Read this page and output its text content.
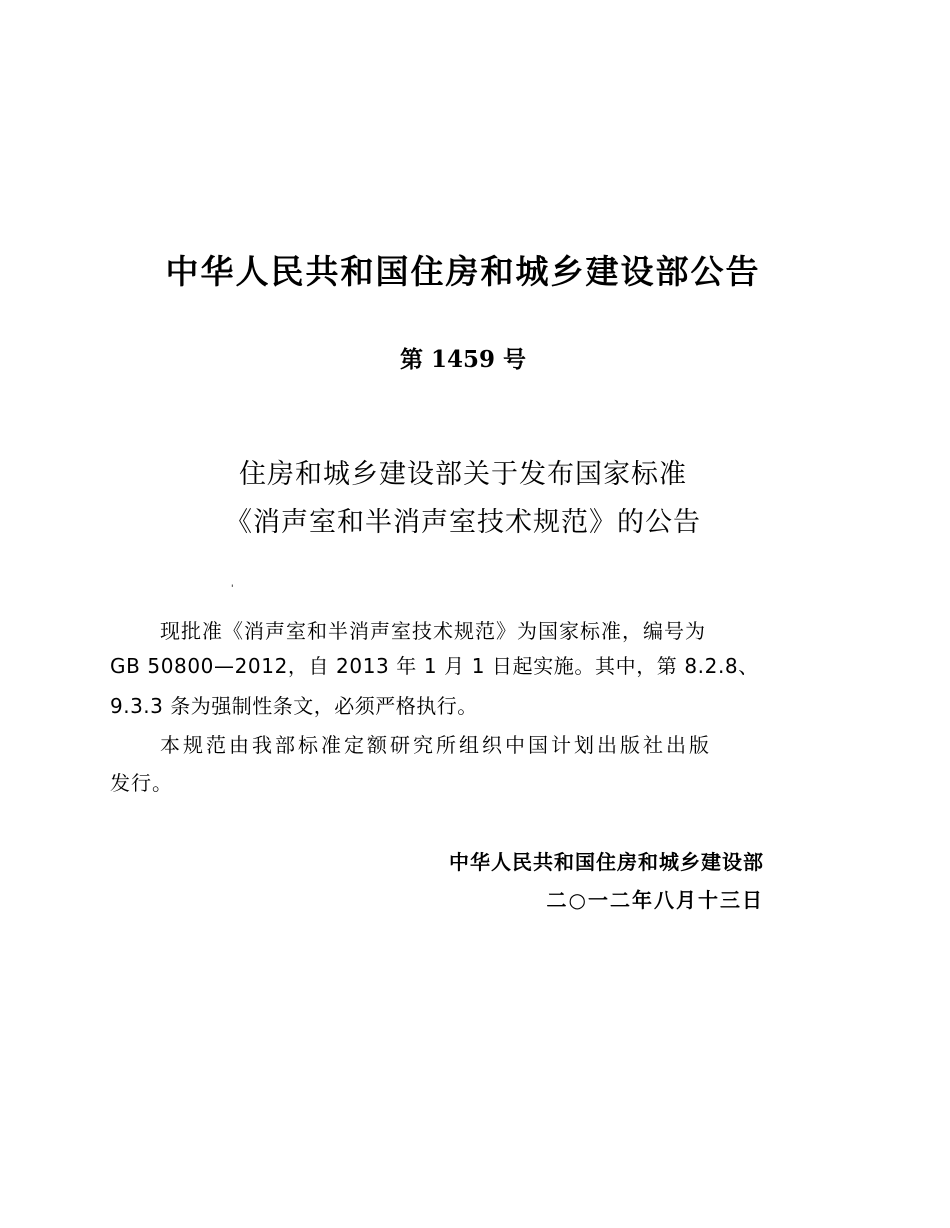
中华人民共和国住房和城乡建设部公告
第 1459 号
住房和城乡建设部关于发布国家标准
《消声室和半消声室技术规范》的公告
'
现批准《消声室和半消声室技术规范》为国家标准，编号为
GB 50800—2012，自 2013 年 1 月 1 日起实施。其中，第 8.2.8、
9.3.3 条为强制性条文，必须严格执行。
本规范由我部标准定额研究所组织中国计划出版社出版
发行。
中华人民共和国住房和城乡建设部
二○一二年八月十三日
